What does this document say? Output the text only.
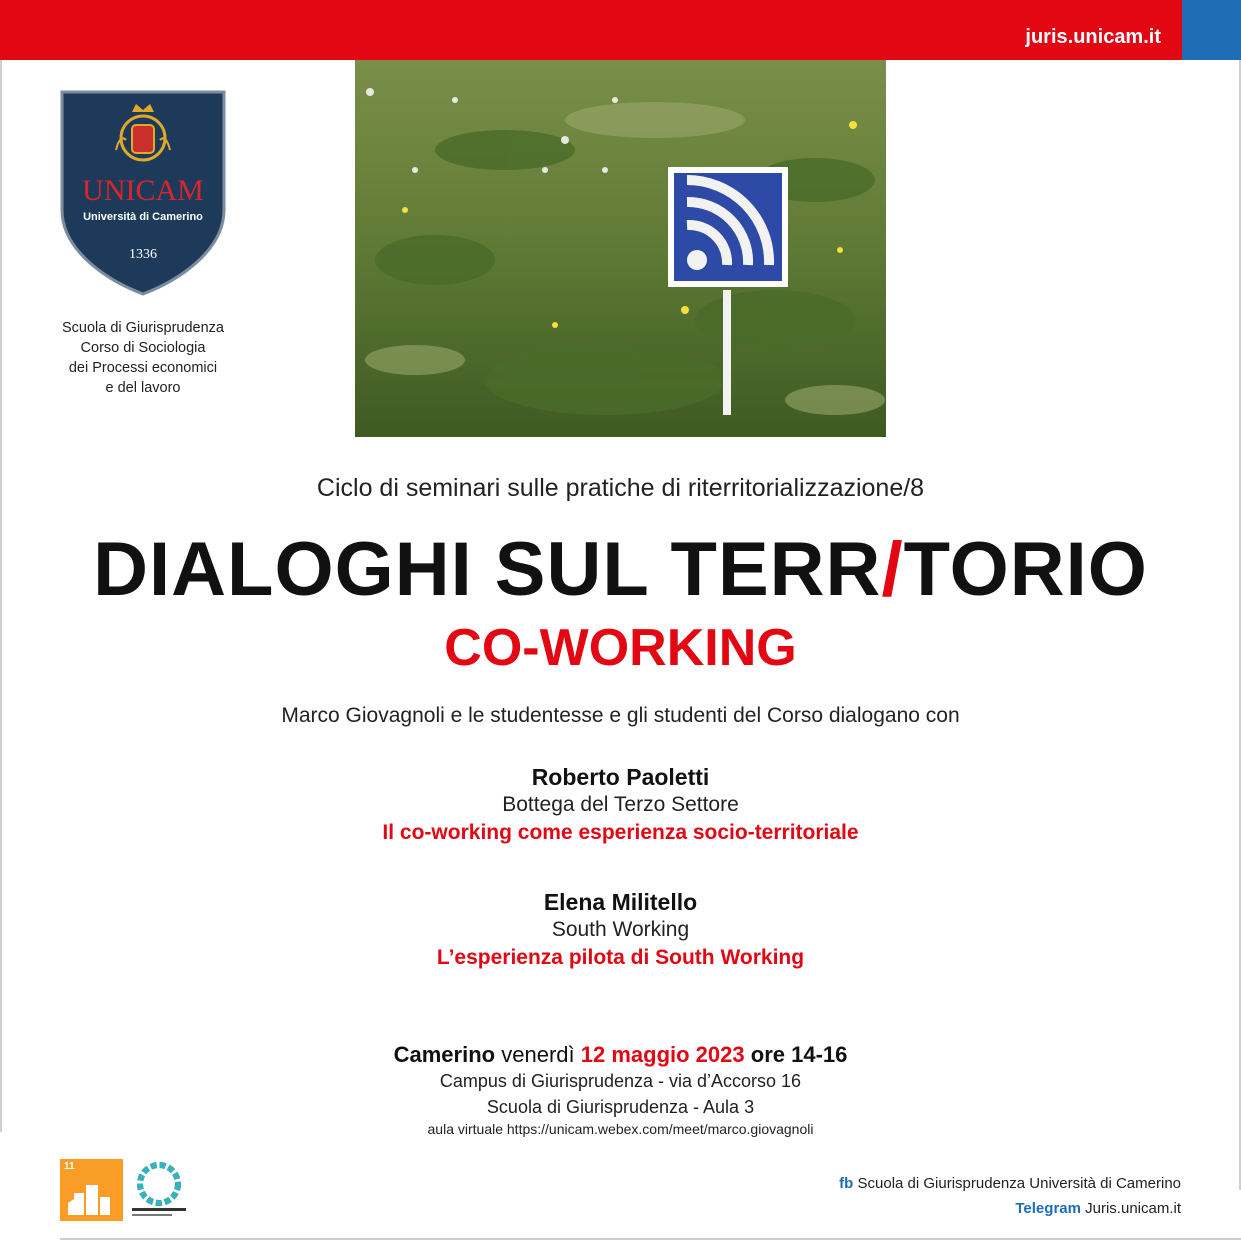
juris.unicam.it
UNICAM
Università di Camerino
1336
Scuola di Giurisprudenza
Corso di Sociologia
dei Processi economici
e del lavoro
Ciclo di seminari sulle pratiche di riterritorializzazione/8
DIALOGHI SUL TERR/TORIO
CO-WORKING
Marco Giovagnoli e le studentesse e gli studenti del Corso dialogano con
Roberto Paoletti
Bottega del Terzo Settore
Il co-working come esperienza socio-territoriale
Elena Militello
South Working
L’esperienza pilota di South Working
Camerino venerdì 12 maggio 2023 ore 14-16
Campus di Giurisprudenza - via d’Accorso 16
Scuola di Giurisprudenza - Aula 3
aula virtuale https://unicam.webex.com/meet/marco.giovagnoli
11
fb Scuola di Giurisprudenza Università di Camerino
Telegram Juris.unicam.it
